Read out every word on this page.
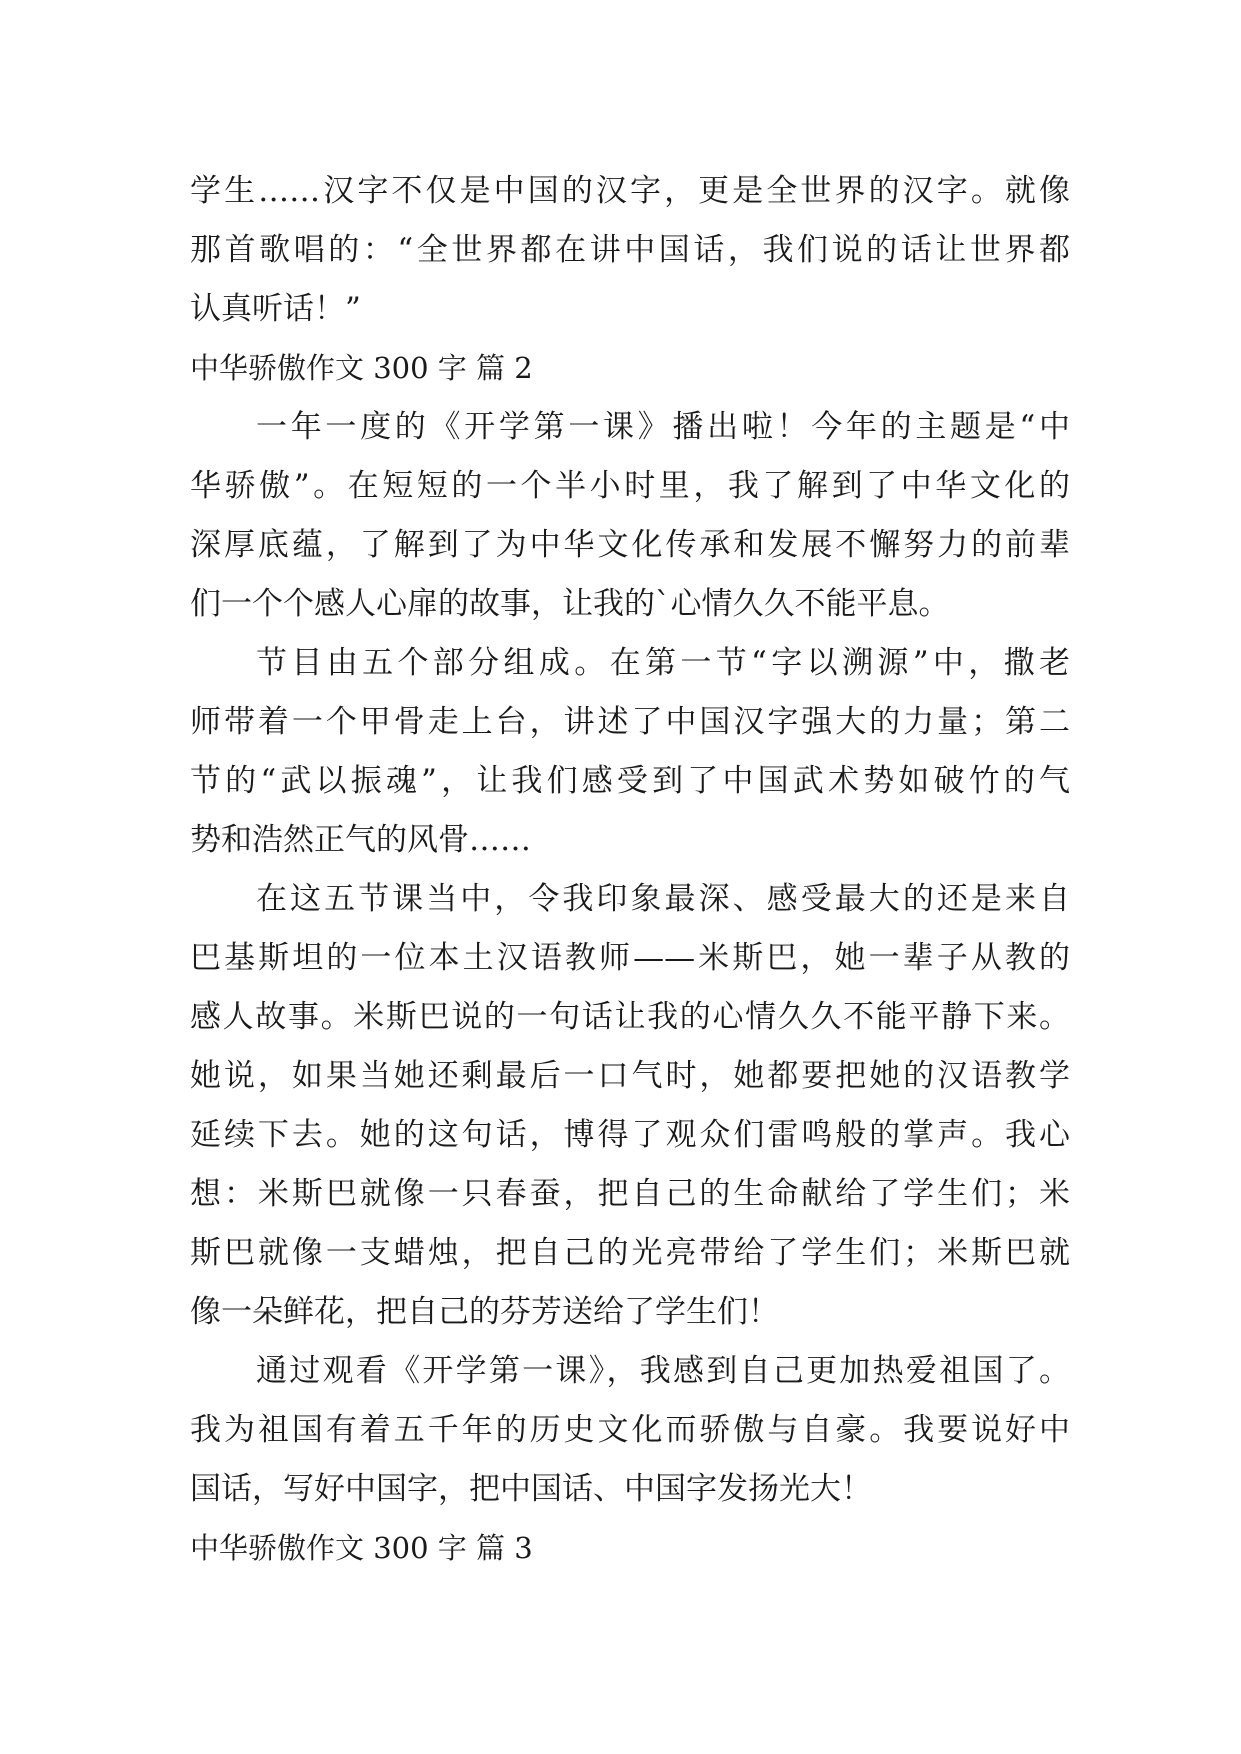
学生……汉字不仅是中国的汉字，更是全世界的汉字。就像
那首歌唱的：“全世界都在讲中国话，我们说的话让世界都
认真听话！”
中华骄傲作文 300 字 篇 2
一年一度的《开学第一课》播出啦！今年的主题是“中
华骄傲”。在短短的一个半小时里，我了解到了中华文化的
深厚底蕴，了解到了为中华文化传承和发展不懈努力的前辈
们一个个感人心扉的故事，让我的`心情久久不能平息。
节目由五个部分组成。在第一节“字以溯源”中，撒老
师带着一个甲骨走上台，讲述了中国汉字强大的力量；第二
节的“武以振魂”，让我们感受到了中国武术势如破竹的气
势和浩然正气的风骨……
在这五节课当中，令我印象最深、感受最大的还是来自
巴基斯坦的一位本土汉语教师——米斯巴，她一辈子从教的
感人故事。米斯巴说的一句话让我的心情久久不能平静下来。
她说，如果当她还剩最后一口气时，她都要把她的汉语教学
延续下去。她的这句话，博得了观众们雷鸣般的掌声。我心
想：米斯巴就像一只春蚕，把自己的生命献给了学生们；米
斯巴就像一支蜡烛，把自己的光亮带给了学生们；米斯巴就
像一朵鲜花，把自己的芬芳送给了学生们！
通过观看《开学第一课》，我感到自己更加热爱祖国了。
我为祖国有着五千年的历史文化而骄傲与自豪。我要说好中
国话，写好中国字，把中国话、中国字发扬光大！
中华骄傲作文 300 字 篇 3
